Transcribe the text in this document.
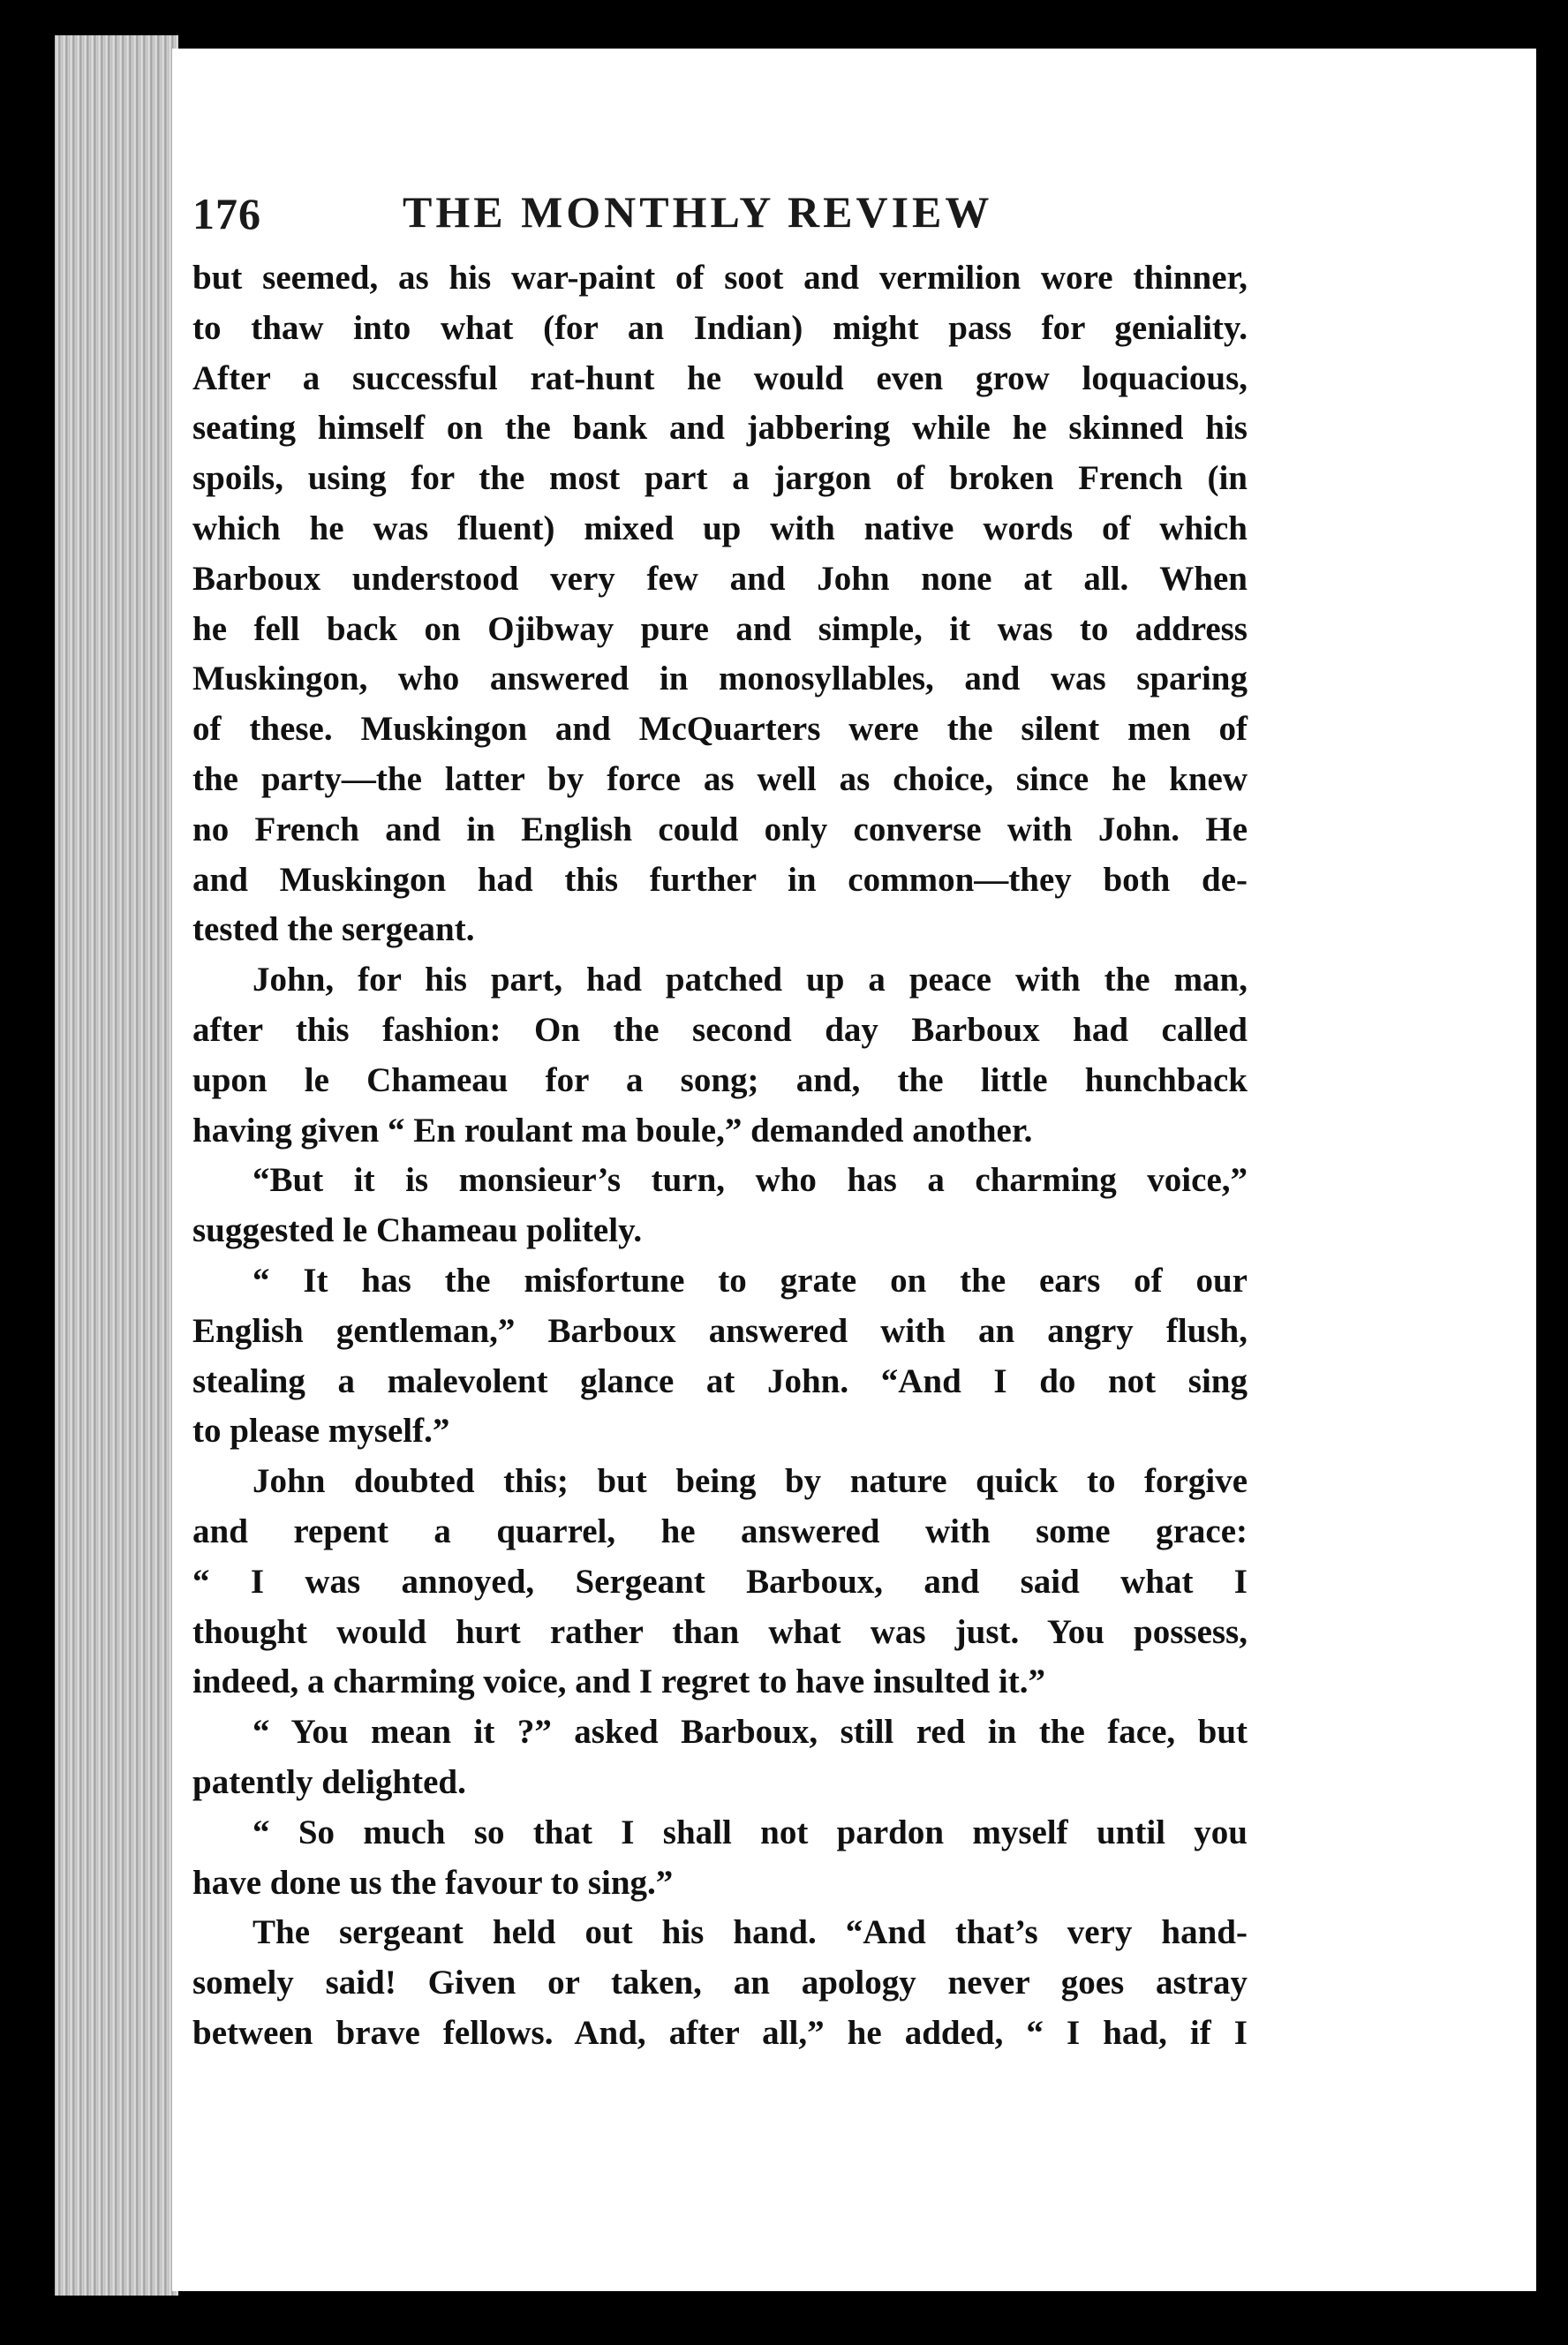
176	THE MONTHLY REVIEW
but seemed, as his war-paint of soot and vermilion wore thinner,
to thaw into what (for an Indian) might pass for geniality.
After a successful rat-hunt he would even grow loquacious,
seating himself on the bank and jabbering while he skinned his
spoils, using for the most part a jargon of broken French (in
which he was fluent) mixed up with native words of which
Barboux understood very few and John none at all. When
he fell back on Ojibway pure and simple, it was to address
Muskingon, who answered in monosyllables, and was sparing
of these. Muskingon and McQuarters were the silent men of
the party—the latter by force as well as choice, since he knew
no French and in English could only converse with John. He
and Muskingon had this further in common—they both de-
tested the sergeant.
John, for his part, had patched up a peace with the man,
after this fashion: On the second day Barboux had called
upon le Chameau for a song; and, the little hunchback
having given “ En roulant ma boule,” demanded another.
“But it is monsieur’s turn, who has a charming voice,”
suggested le Chameau politely.
“ It has the misfortune to grate on the ears of our
English gentleman,” Barboux answered with an angry flush,
stealing a malevolent glance at John. “And I do not sing
to please myself.”
John doubted this; but being by nature quick to forgive
and repent a quarrel, he answered with some grace:
“ I was annoyed, Sergeant Barboux, and said what I
thought would hurt rather than what was just. You possess,
indeed, a charming voice, and I regret to have insulted it.”
“ You mean it ?” asked Barboux, still red in the face, but
patently delighted.
“ So much so that I shall not pardon myself until you
have done us the favour to sing.”
The sergeant held out his hand. “And that’s very hand-
somely said! Given or taken, an apology never goes astray
between brave fellows. And, after all,” he added, “ I had, if I
